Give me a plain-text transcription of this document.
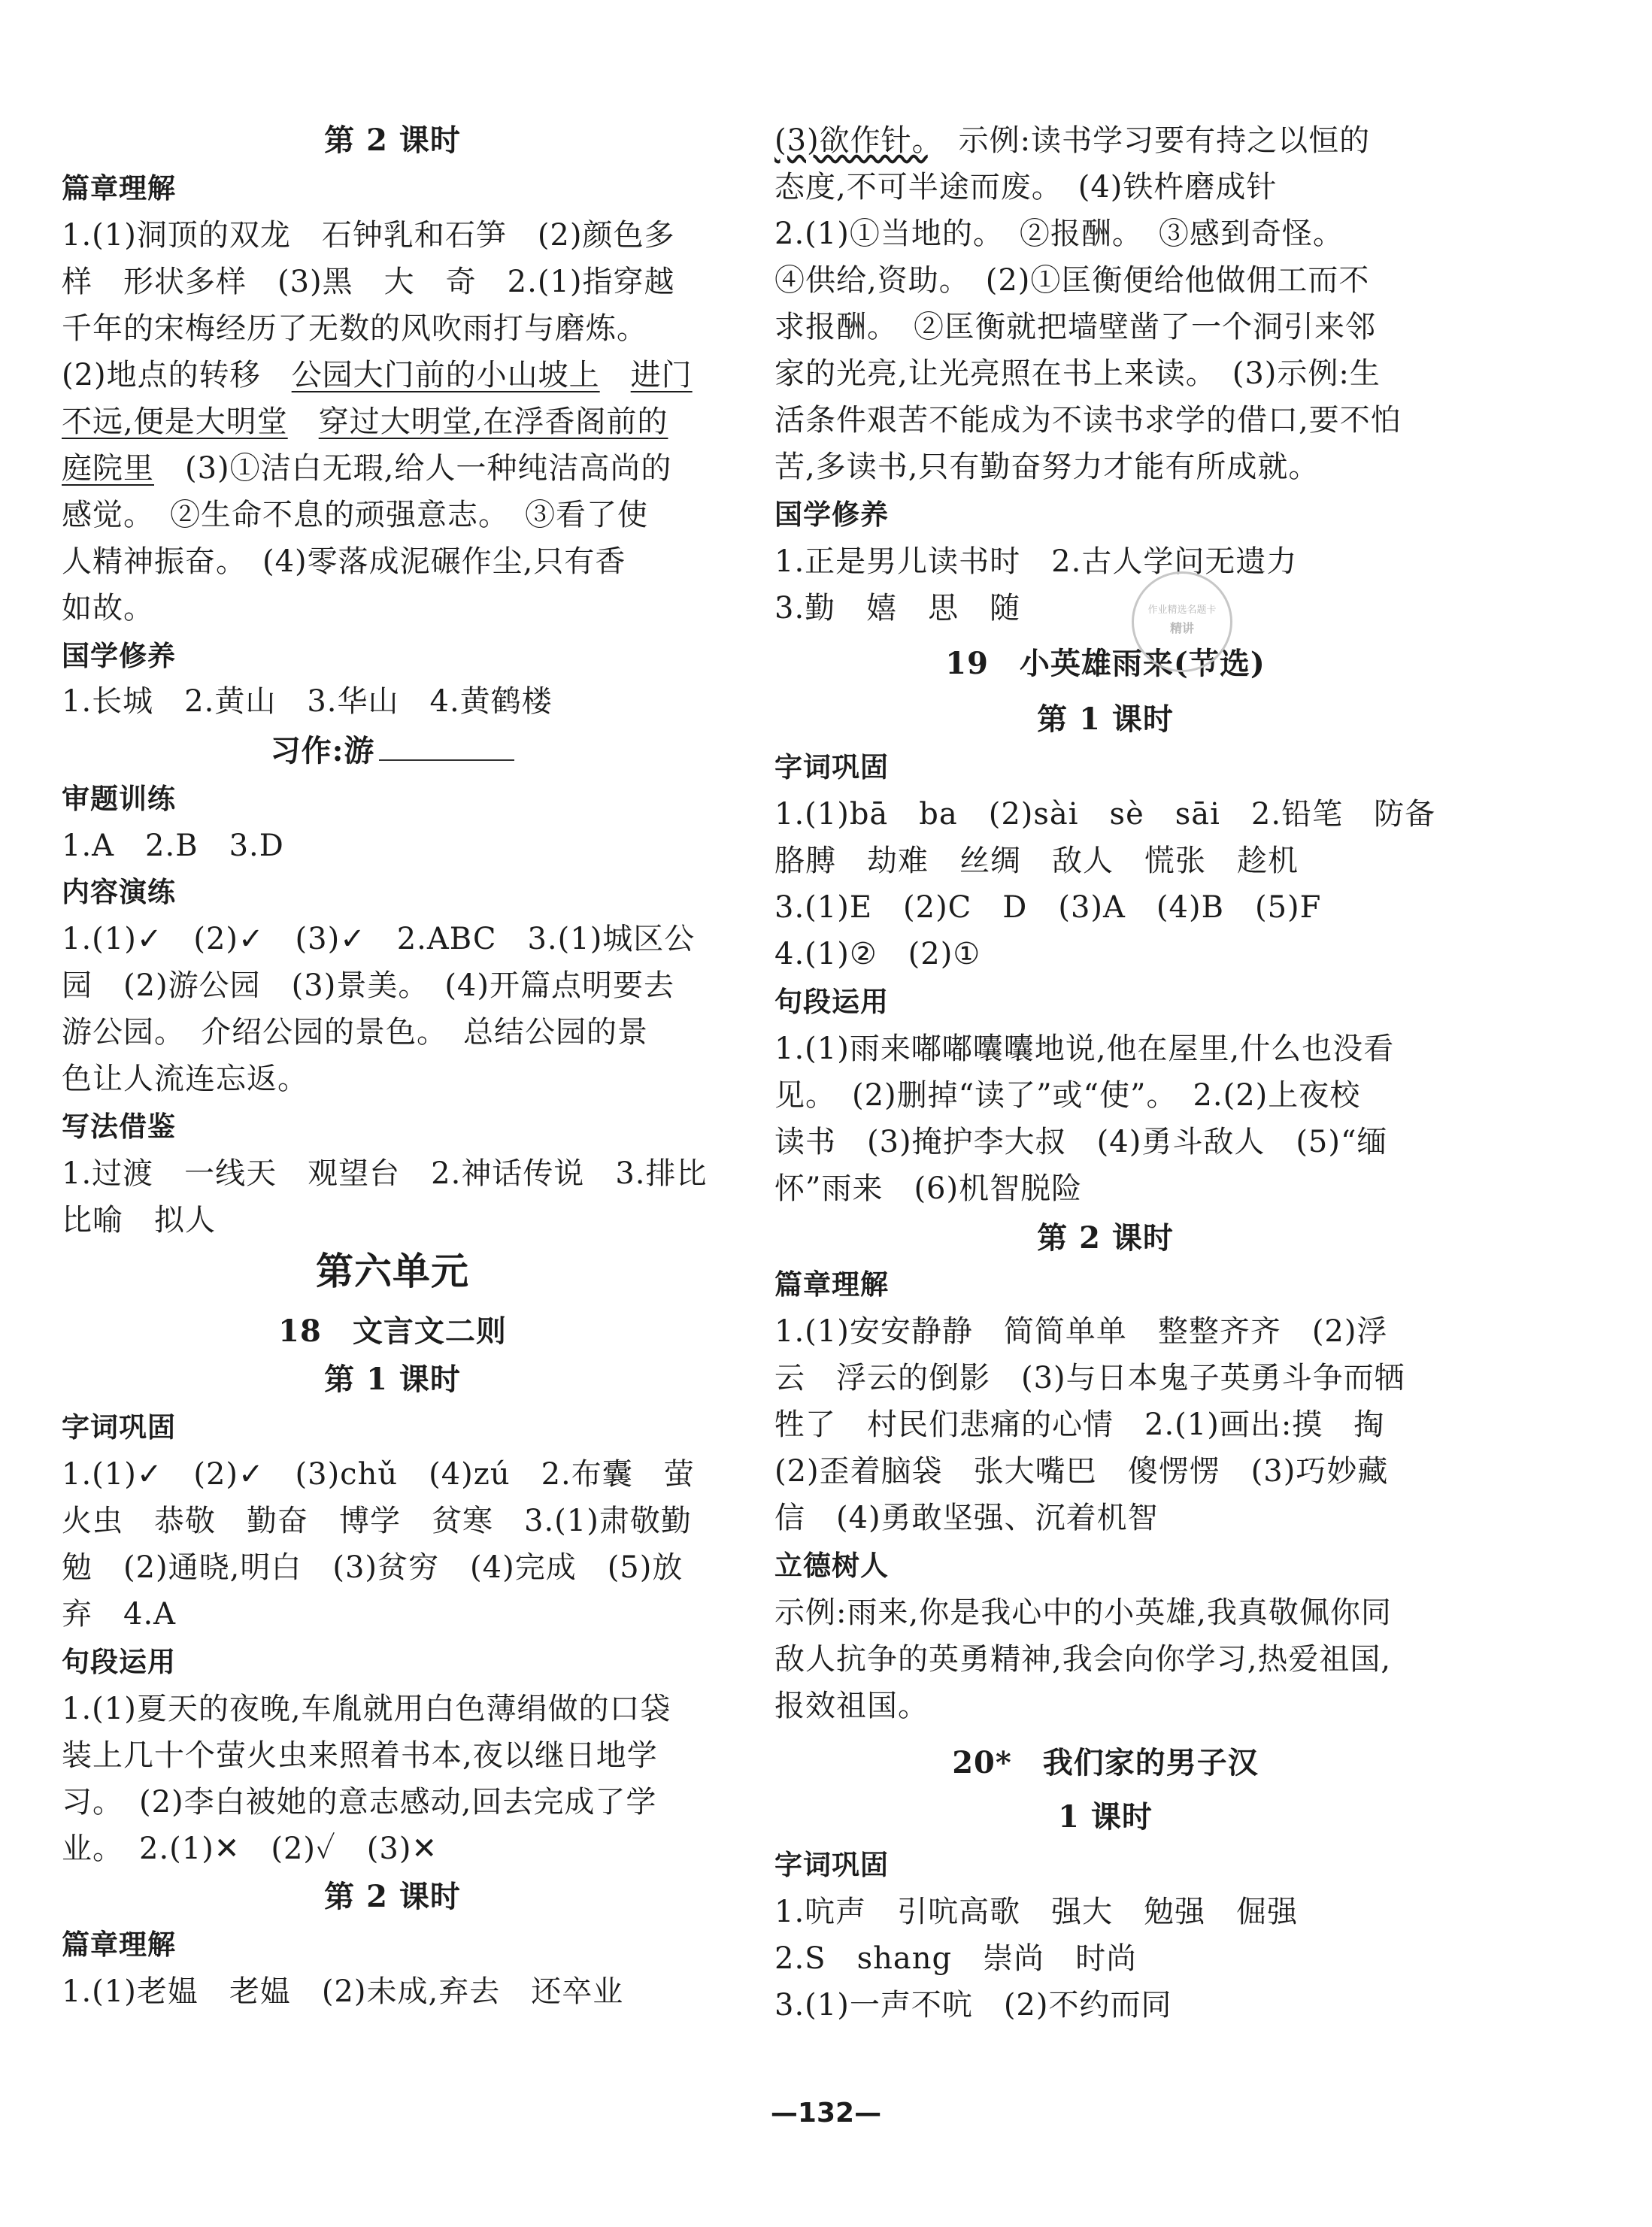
第 2 课时
篇章理解
1.(1)洞顶的双龙　石钟乳和石笋　(2)颜色多
样　形状多样　(3)黑　大　奇　2.(1)指穿越
千年的宋梅经历了无数的风吹雨打与磨炼。
(2)地点的转移　公园大门前的小山坡上　 进门
不远,便是大明堂　 穿过大明堂,在浮香阁前的
庭院里　(3)①洁白无瑕,给人一种纯洁高尚的
感觉。　②生命不息的顽强意志。　③看了使
人精神振奋。　(4)零落成泥碾作尘,只有香
如故。
国学修养
1.长城　2.黄山　3.华山　4.黄鹤楼
习作:游
审题训练
1.A　2.B　3.D
内容演练
1.(1)✓　(2)✓　(3)✓　2.ABC　3.(1)城区公
园　(2)游公园　(3)景美。　(4)开篇点明要去
游公园。　介绍公园的景色。　总结公园的景
色让人流连忘返。
写法借鉴
1.过渡　一线天　观望台　2.神话传说　3.排比
比喻　拟人
第六单元
18　文言文二则
第 1 课时
字词巩固
1.(1)✓　(2)✓　(3)chǔ　(4)zú　2.布囊　萤
火虫　恭敬　勤奋　博学　贫寒　3.(1)肃敬勤
勉　(2)通晓,明白　(3)贫穷　(4)完成　(5)放
弃　4.A
句段运用
1.(1)夏天的夜晚,车胤就用白色薄绢做的口袋
装上几十个萤火虫来照着书本,夜以继日地学
习。　(2)李白被她的意志感动,回去完成了学
业。　2.(1)✕　(2)✓　(3)✕
第 2 课时
篇章理解
1.(1)老媪　老媪　(2)未成,弃去　还卒业
(3)欲作针。　示例:读书学习要有持之以恒的
态度,不可半途而废。　(4)铁杵磨成针
2.(1)①当地的。　②报酬。　③感到奇怪。
④供给,资助。　(2)①匡衡便给他做佣工而不
求报酬。　②匡衡就把墙壁凿了一个洞引来邻
家的光亮,让光亮照在书上来读。　(3)示例:生
活条件艰苦不能成为不读书求学的借口,要不怕
苦,多读书,只有勤奋努力才能有所成就。
国学修养
1.正是男儿读书时　2.古人学问无遗力
3.勤　嬉　思　随
19　小英雄雨来(节选)
第 1 课时
字词巩固
1.(1)bā　ba　(2)sài　sè　sāi　2.铅笔　防备
胳膊　劫难　丝绸　敌人　慌张　趁机
3.(1)E　(2)C　D　(3)A　(4)B　(5)F
4.(1)②　(2)①
句段运用
1.(1)雨来嘟嘟囔囔地说,他在屋里,什么也没看
见。　(2)删掉“读了”或“使”。　2.(2)上夜校
读书　(3)掩护李大叔　(4)勇斗敌人　(5)“缅
怀”雨来　(6)机智脱险
第 2 课时
篇章理解
1.(1)安安静静　简简单单　整整齐齐　(2)浮
云　浮云的倒影　(3)与日本鬼子英勇斗争而牺
牲了　村民们悲痛的心情　2.(1)画出:摸　掏
(2)歪着脑袋　张大嘴巴　傻愣愣　(3)巧妙藏
信　(4)勇敢坚强、沉着机智
立德树人
示例:雨来,你是我心中的小英雄,我真敬佩你同
敌人抗争的英勇精神,我会向你学习,热爱祖国,
报效祖国。
20*　我们家的男子汉
1 课时
字词巩固
1.吭声　引吭高歌　强大　勉强　倔强
2.S　shang　崇尚　时尚
3.(1)一声不吭　(2)不约而同
作业精选名题卡
精讲
—132—
